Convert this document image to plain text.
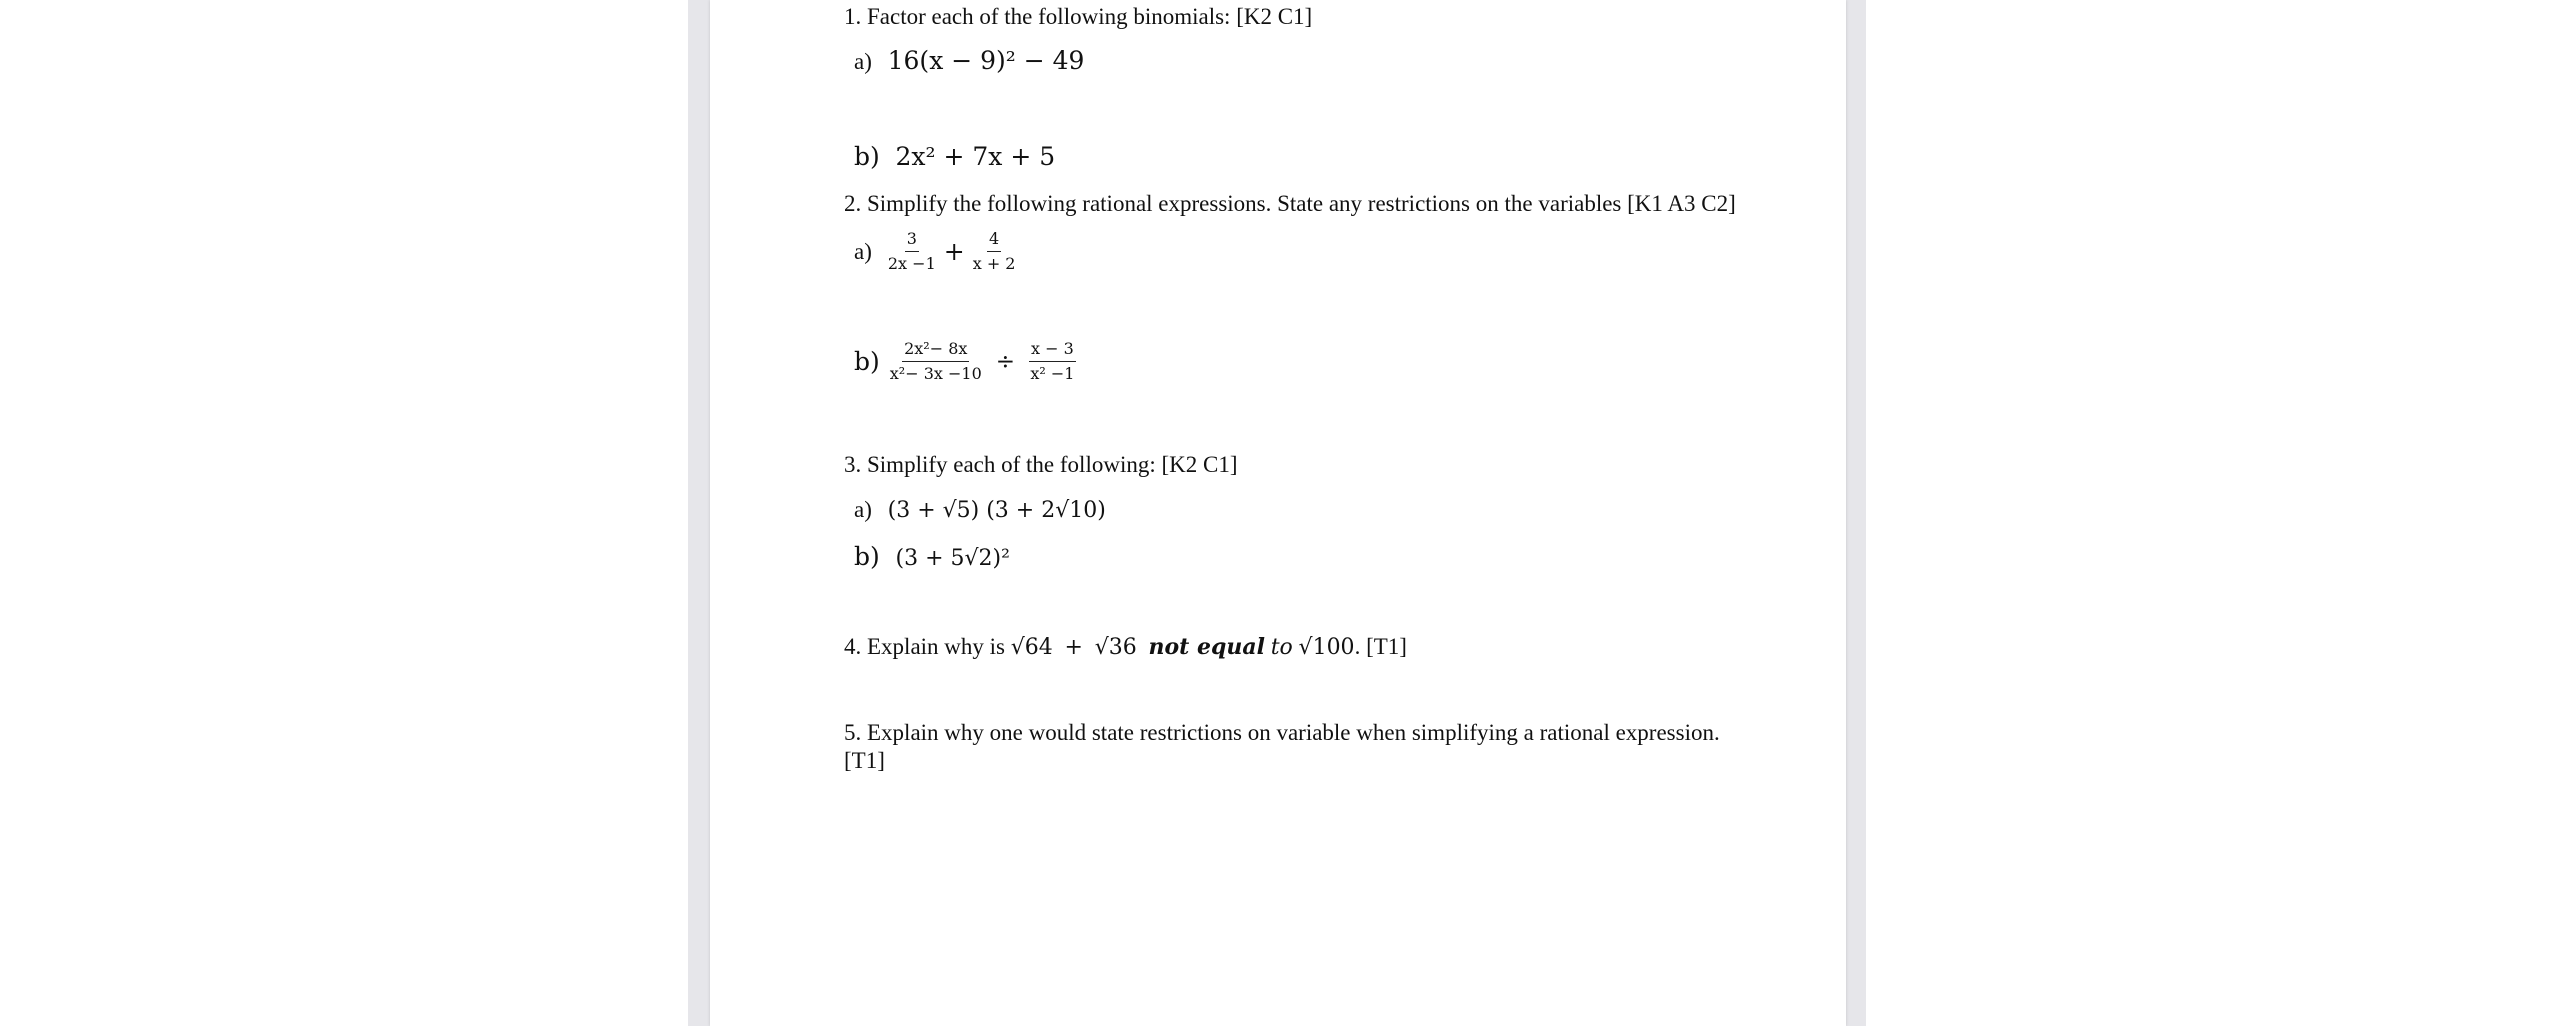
1. Factor each of the following binomials: [K2 C1]
a) 16(x − 9)² − 49
b) 2x² + 7x + 5
2. Simplify the following rational expressions. State any restrictions on the variables [K1 A3 C2]
$a) \frac{3}{2x -1} + \frac{4}{x + 2}$
$b) \frac{\text{2x²− 8x}}{\text{x²− 3x −10}} \div \frac{x - 3}{\text{x² −1}}$
3. Simplify each of the following: [K2 C1]
a) (3 + √5) (3 + 2√10)
b) (3 + 5√2)²
4. Explain why is √64 + √36 not equal to √100. [T1]
5. Explain why one would state restrictions on variable when simplifying a rational expression.
[T1]
